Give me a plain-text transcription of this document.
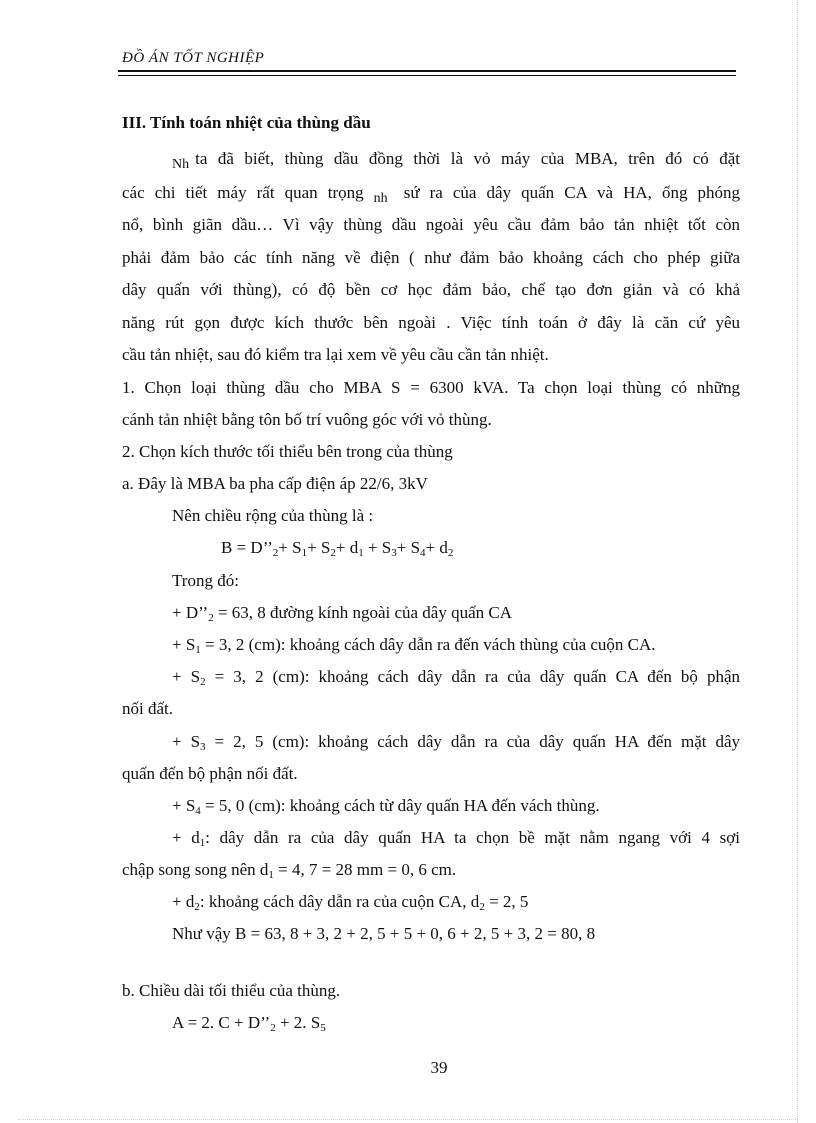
ĐỒ ÁN TỐT NGHIỆP
III. Tính toán nhiệt của thùng dầu
$_{Nh}$ ta đã biết, thùng dầu đồng thời là vỏ máy của MBA, trên đó có đặt
các chi tiết máy rất quan trọng $_{nh}$ sứ ra của dây quấn CA và HA, ống phóng
nổ, bình giãn dầu… Vì vậy thùng dầu ngoài yêu cầu đảm bảo tản nhiệt tốt còn
phải đảm bảo các tính năng về điện ( như đảm bảo khoảng cách cho phép giữa
dây quấn với thùng), có độ bền cơ học đảm bảo, chế tạo đơn giản và có khả
năng rút gọn được kích thước bên ngoài . Việc tính toán ở đây là căn cứ yêu
cầu tản nhiệt, sau đó kiểm tra lại xem về yêu cầu cần tản nhiệt.
1. Chọn loại thùng dầu cho MBA S = 6300 kVA. Ta chọn loại thùng có những
cánh tản nhiệt bằng tôn bố trí vuông góc với vỏ thùng.
2. Chọn kích thước tối thiểu bên trong của thùng
a. Đây là MBA ba pha cấp điện áp 22/6, 3kV
Nên chiều rộng của thùng là :
$B = D’’_2+ S_1+ S_2+ d_1 + S_3+ S_4+ d_2$
Trong đó:
+ $D’’_2 = 63$, 8 đường kính ngoài của dây quấn CA
+ $S_1 = 3$, 2 (cm): khoảng cách dây dẫn ra đến vách thùng của cuộn CA.
+ $S_2 = 3$, 2 (cm): khoảng cách dây dẫn ra của dây quấn CA đến bộ phận
nối đất.
+ $S_3 = 2$, 5 (cm): khoảng cách dây dẫn ra của dây quấn HA đến mặt dây
quấn đến bộ phận nối đất.
+ $S_4 = 5$, 0 (cm): khoảng cách từ dây quấn HA đến vách thùng.
+ $d_1$: dây dẫn ra của dây quấn HA ta chọn bề mặt nằm ngang với 4 sợi
chập song song nên $d_1 = 4$, 7 = 28 mm = 0, 6 cm.
+ $d_2$: khoảng cách dây dẫn ra của cuộn CA, $d_2 = 2$, 5
Như vậy B = 63, 8 + 3, 2 + 2, 5 + 5 + 0, 6 + 2, 5 + 3, 2 = 80, 8
b. Chiều dài tối thiểu của thùng.
A = 2. $C + D’’_2 + 2$. $S_5$
39
